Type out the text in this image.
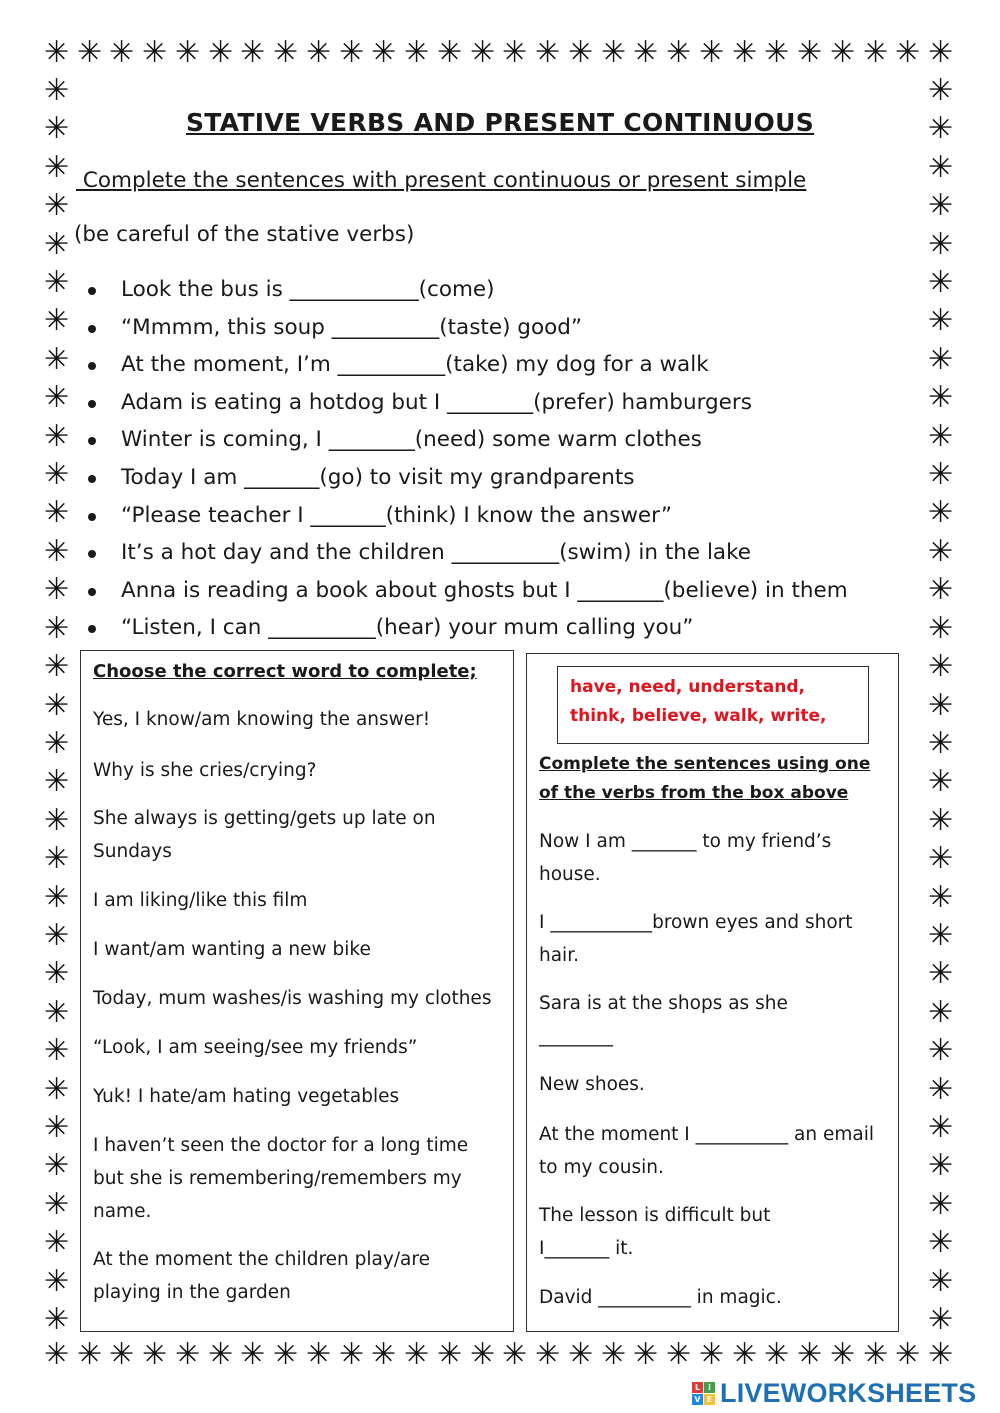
✳
✳
✳
✳
✳
✳
✳
✳
✳
✳
✳
✳
✳
✳
✳
✳
✳
✳
✳
✳
✳
✳
✳
✳
✳
✳
✳
✳
✳
✳
✳
✳
✳
✳
✳
✳
✳
✳
✳
✳
✳
✳
✳
✳
✳
✳
✳
✳
✳
✳
✳
✳
✳
✳
✳
✳
✳	✳
✳	✳
✳	✳
✳	✳
✳	✳
✳	✳
✳	✳
✳	✳
✳	✳
✳	✳
✳	✳
✳	✳
✳	✳
✳	✳
✳	✳
✳	✳
✳	✳
✳	✳
✳	✳
✳	✳
✳	✳
✳	✳
✳	✳
✳	✳
✳	✳
✳	✳
✳	✳
✳	✳
✳	✳
✳	✳
✳	✳
✳	✳
✳	✳
STATIVE VERBS AND PRESENT CONTINUOUS
Complete the sentences with present continuous or present simple
(be careful of the stative verbs)
Look the bus is ____________(come)
“Mmmm, this soup __________(taste) good”
At the moment, I’m __________(take) my dog for a walk
Adam is eating a hotdog but I ________(prefer) hamburgers
Winter is coming, I ________(need) some warm clothes
Today I am _______(go) to visit my grandparents
“Please teacher I _______(think) I know the answer”
It’s a hot day and the children __________(swim) in the lake
Anna is reading a book about ghosts but I ________(believe) in them
“Listen, I can __________(hear) your mum calling you”

Choose the correct word to complete;

Yes, I know/am knowing the answer!

Why is she cries/crying?

She always is getting/gets up late on Sundays

I am liking/like this film

I want/am wanting a new bike

Today, mum washes/is washing my clothes

“Look, I am seeing/see my friends”

Yuk! I hate/am hating vegetables

I haven’t seen the doctor for a long time but she is remembering/remembers my name.

At the moment the children play/are playing in the garden

Complete the sentences using one of the verbs from the box above

Now I am _______ to my friend’s house.

I ___________brown eyes and short hair.

Sara is at the shops as she ________

New shoes.

At the moment I __________ an email to my cousin.

The lesson is difficult but I_______ it.

David __________ in magic.

have, need, understand, think, believe, walk, write,
L	i
V E LIVEWORKSHEETS
